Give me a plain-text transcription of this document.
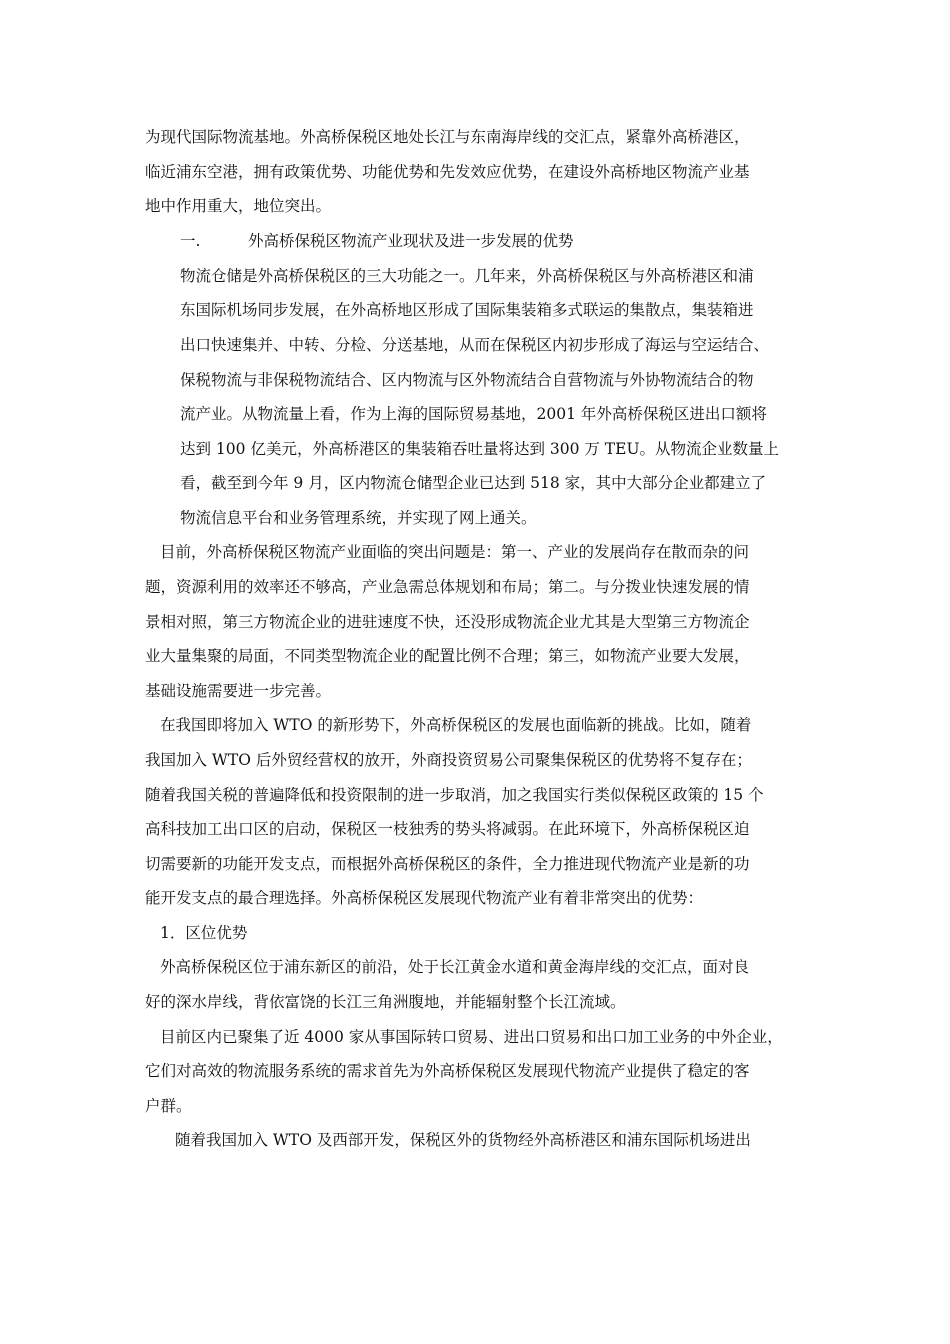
为现代国际物流基地。外高桥保税区地处长江与东南海岸线的交汇点，紧靠外高桥港区，
临近浦东空港，拥有政策优势、功能优势和先发效应优势，在建设外高桥地区物流产业基
地中作用重大，地位突出。
一.	外高桥保税区物流产业现状及进一步发展的优势
物流仓储是外高桥保税区的三大功能之一。几年来，外高桥保税区与外高桥港区和浦
东国际机场同步发展，在外高桥地区形成了国际集装箱多式联运的集散点，集装箱进
出口快速集并、中转、分检、分送基地，从而在保税区内初步形成了海运与空运结合、
保税物流与非保税物流结合、区内物流与区外物流结合自营物流与外协物流结合的物
流产业。从物流量上看，作为上海的国际贸易基地，2001 年外高桥保税区进出口额将
达到 100 亿美元，外高桥港区的集装箱吞吐量将达到 300 万 TEU。从物流企业数量上
看，截至到今年 9 月，区内物流仓储型企业已达到 518 家，其中大部分企业都建立了
物流信息平台和业务管理系统，并实现了网上通关。
目前，外高桥保税区物流产业面临的突出问题是：第一、产业的发展尚存在散而杂的问
题，资源利用的效率还不够高，产业急需总体规划和布局；第二。与分拨业快速发展的情
景相对照，第三方物流企业的进驻速度不快，还没形成物流企业尤其是大型第三方物流企
业大量集聚的局面，不同类型物流企业的配置比例不合理；第三，如物流产业要大发展，
基础设施需要进一步完善。
在我国即将加入 WTO 的新形势下，外高桥保税区的发展也面临新的挑战。比如，随着
我国加入 WTO 后外贸经营权的放开，外商投资贸易公司聚集保税区的优势将不复存在；
随着我国关税的普遍降低和投资限制的进一步取消，加之我国实行类似保税区政策的 15 个
高科技加工出口区的启动，保税区一枝独秀的势头将减弱。在此环境下，外高桥保税区迫
切需要新的功能开发支点，而根据外高桥保税区的条件，全力推进现代物流产业是新的功
能开发支点的最合理选择。外高桥保税区发展现代物流产业有着非常突出的优势：
1．区位优势
外高桥保税区位于浦东新区的前沿，处于长江黄金水道和黄金海岸线的交汇点，面对良
好的深水岸线，背依富饶的长江三角洲腹地，并能辐射整个长江流域。
目前区内已聚集了近 4000 家从事国际转口贸易、进出口贸易和出口加工业务的中外企业，
它们对高效的物流服务系统的需求首先为外高桥保税区发展现代物流产业提供了稳定的客
户群。
随着我国加入 WTO 及西部开发，保税区外的货物经外高桥港区和浦东国际机场进出
